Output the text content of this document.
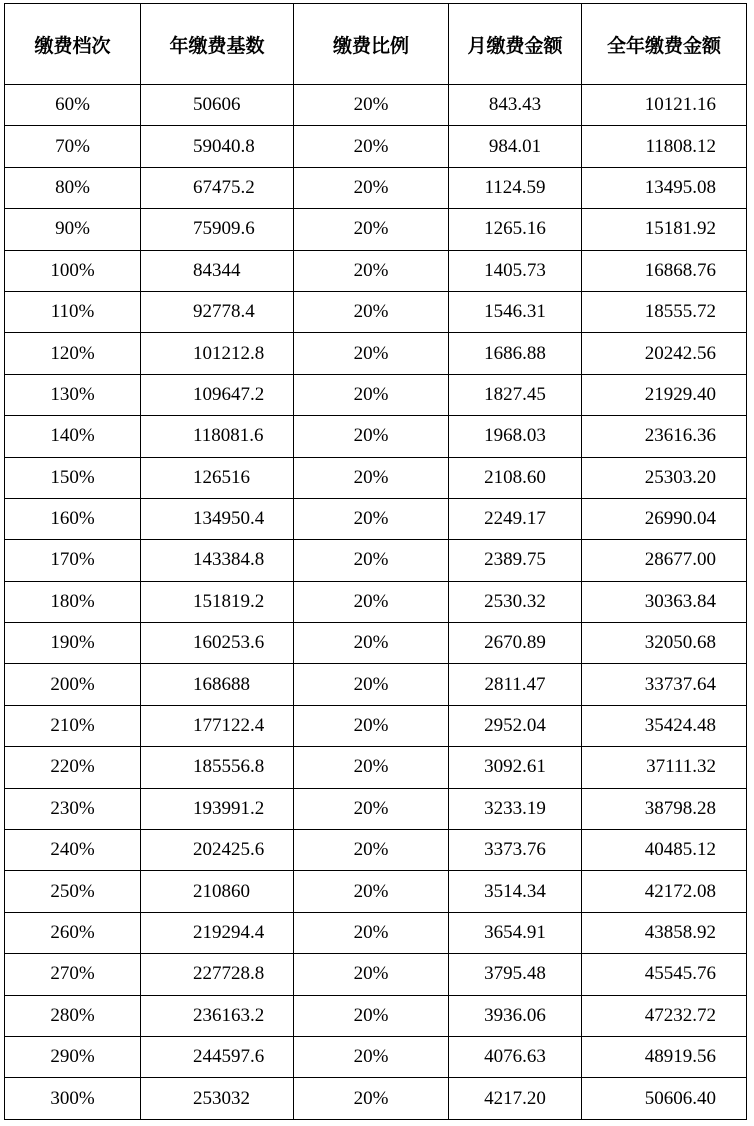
缴费档次	年缴费基数	缴费比例	月缴费金额	全年缴费金额
60%	50606	20%	843.43	10121.16
70%	59040.8	20%	984.01	11808.12
80%	67475.2	20%	1124.59	13495.08
90%	75909.6	20%	1265.16	15181.92
100%	84344	20%	1405.73	16868.76
110%	92778.4	20%	1546.31	18555.72
120%	101212.8	20%	1686.88	20242.56
130%	109647.2	20%	1827.45	21929.40
140%	118081.6	20%	1968.03	23616.36
150%	126516	20%	2108.60	25303.20
160%	134950.4	20%	2249.17	26990.04
170%	143384.8	20%	2389.75	28677.00
180%	151819.2	20%	2530.32	30363.84
190%	160253.6	20%	2670.89	32050.68
200%	168688	20%	2811.47	33737.64
210%	177122.4	20%	2952.04	35424.48
220%	185556.8	20%	3092.61	37111.32
230%	193991.2	20%	3233.19	38798.28
240%	202425.6	20%	3373.76	40485.12
250%	210860	20%	3514.34	42172.08
260%	219294.4	20%	3654.91	43858.92
270%	227728.8	20%	3795.48	45545.76
280%	236163.2	20%	3936.06	47232.72
290%	244597.6	20%	4076.63	48919.56
300%	253032	20%	4217.20	50606.40
